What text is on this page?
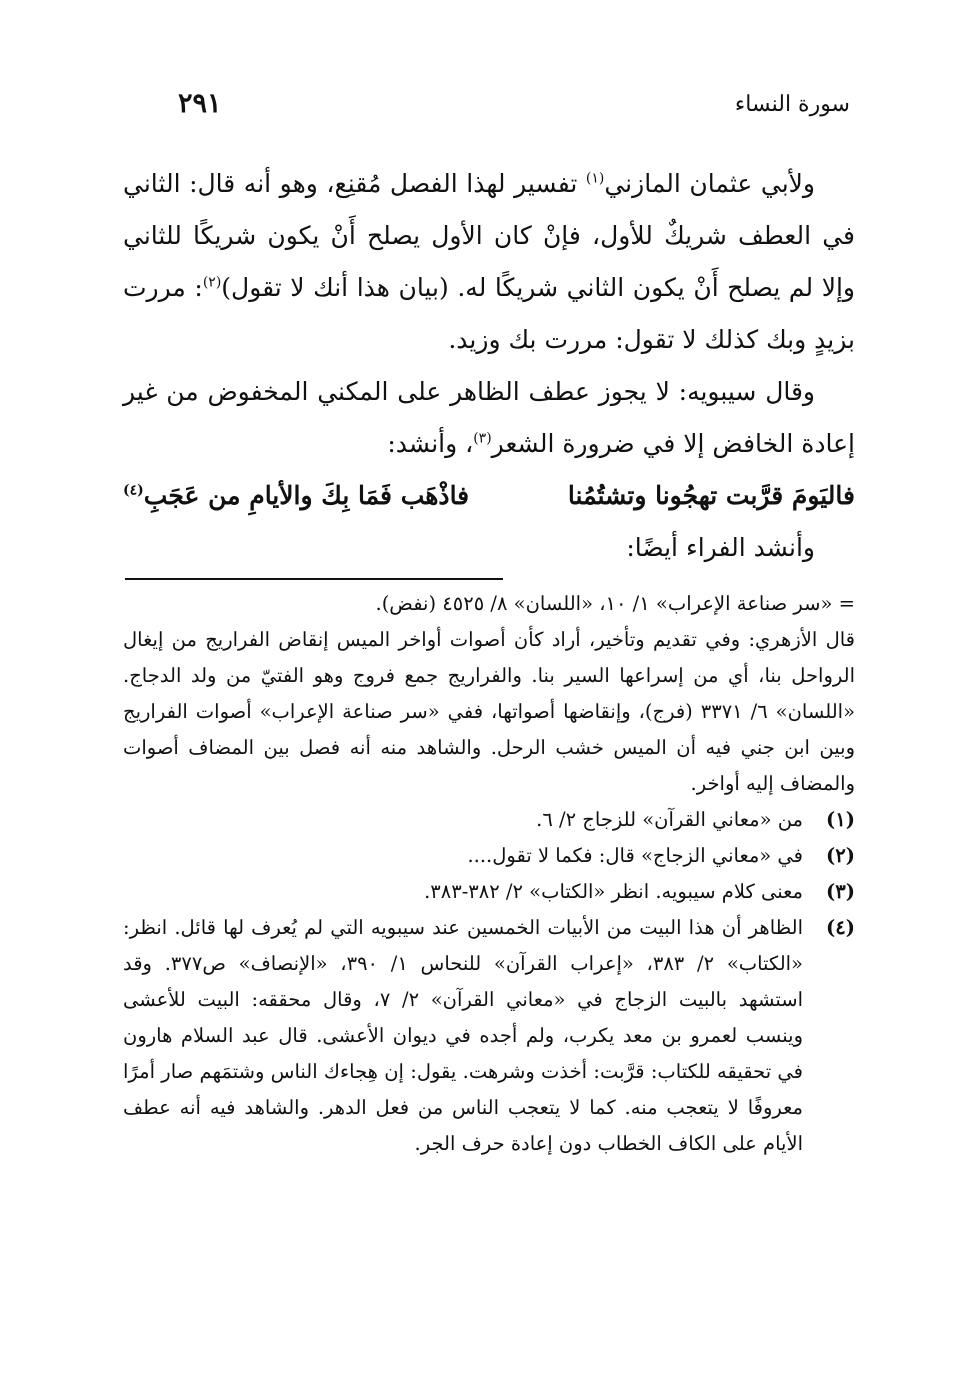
سورة النساء
٢٩١

ولأبي عثمان المازني$^{(١)}$ تفسير لهذا الفصل مُقنِع، وهو أنه قال: الثاني في العطف شريكٌ للأول، فإنْ كان الأول يصلح أَنْ يكون شريكًا للثاني وإلا لم يصلح أَنْ يكون الثاني شريكًا له. (بيان هذا أنك لا تقول)$^{(٢)}$: مررت بزيدٍ وبك كذلك لا تقول: مررت بك وزيد.

وقال سيبويه: لا يجوز عطف الظاهر على المكني المخفوض من غير إعادة الخافض إلا في ضرورة الشعر$^{(٣)}$، وأنشد:

فاليَومَ قرَّبت تهجُونا وتشتُمُنا
فاذْهَب فَمَا بِكَ والأيامِ من عَجَبِ$^{(٤)}$

وأنشد الفراء أيضًا:

= «سر صناعة الإعراب» ١/ ١٠، «اللسان» ٨/ ٤٥٢٥ (نفض).

قال الأزهري: وفي تقديم وتأخير، أراد كأن أصوات أواخر الميس إنقاض الفراريج من إيغال الرواحل بنا، أي من إسراعها السير بنا. والفراريج جمع فروج وهو الفتيّ من ولد الدجاج. «اللسان» ٦/ ٣٣٧١ (فرج)، وإنقاضها أصواتها، ففي «سر صناعة الإعراب» أصوات الفراريج وبين ابن جني فيه أن الميس خشب الرحل. والشاهد منه أنه فصل بين المضاف أصوات والمضاف إليه أواخر.

(١)
من «معاني القرآن» للزجاج ٢/ ٦.
(٢)
في «معاني الزجاج» قال: فكما لا تقول....
(٣)
معنى كلام سيبويه. انظر «الكتاب» ٢/ ٣٨٢-٣٨٣.
(٤)
الظاهر أن هذا البيت من الأبيات الخمسين عند سيبويه التي لم يُعرف لها قائل. انظر: «الكتاب» ٢/ ٣٨٣، «إعراب القرآن» للنحاس ١/ ٣٩٠، «الإنصاف» ص٣٧٧. وقد استشهد بالبيت الزجاج في «معاني القرآن» ٢/ ٧، وقال محققه: البيت للأعشى وينسب لعمرو بن معد يكرب، ولم أجده في ديوان الأعشى. قال عبد السلام هارون في تحقيقه للكتاب: قرَّبت: أخذت وشرهت. يقول: إن هِجاءك الناس وشتمَهم صار أمرًا معروفًا لا يتعجب منه. كما لا يتعجب الناس من فعل الدهر. والشاهد فيه أنه عطف الأيام على الكاف الخطاب دون إعادة حرف الجر.
